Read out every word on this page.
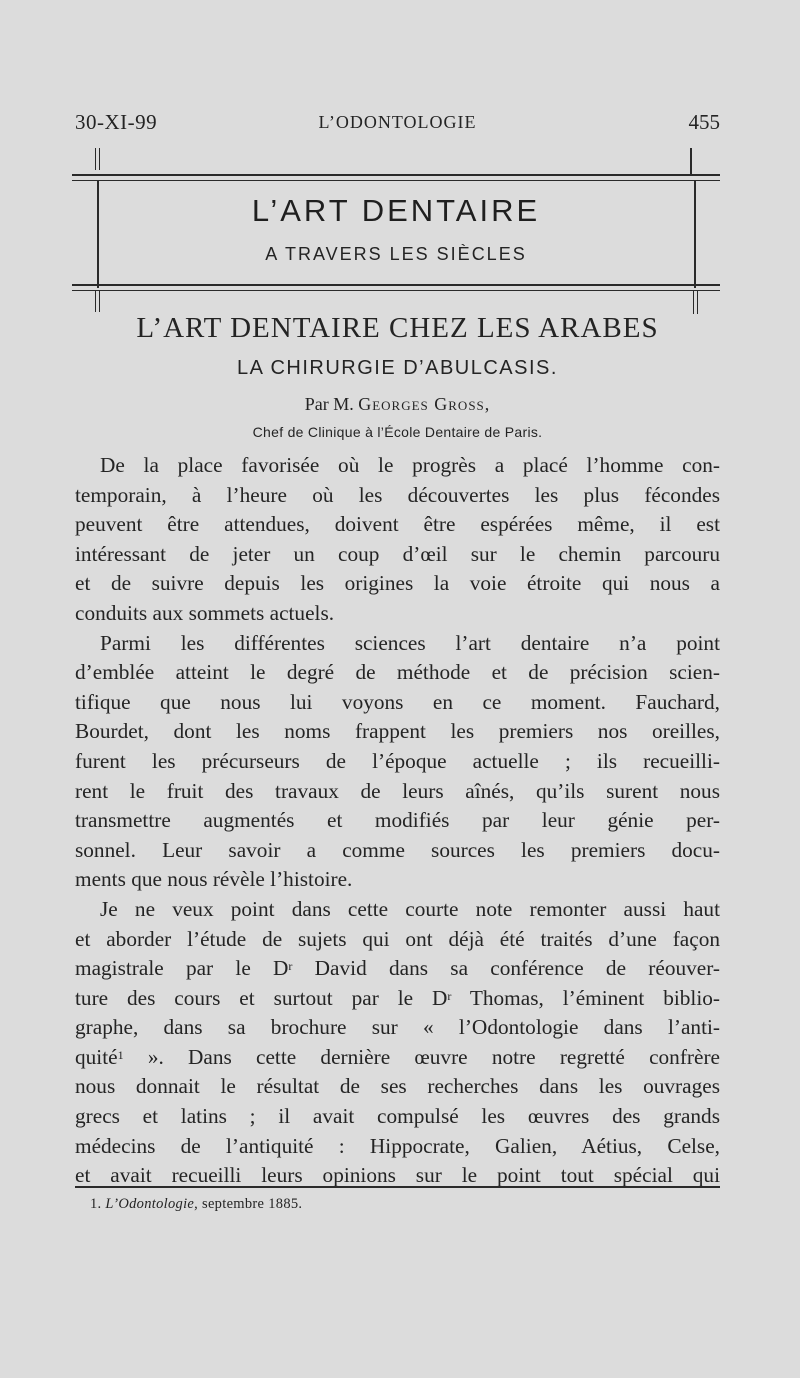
30-XI-99	L’ODONTOLOGIE	455
L’ART DENTAIRE
A TRAVERS LES SIÈCLES
L’ART DENTAIRE CHEZ LES ARABES
LA CHIRURGIE D’ABULCASIS.
Par M. Georges Gross,
Chef de Clinique à l’École Dentaire de Paris.
De la place favorisée où le progrès a placé l’homme con-
temporain, à l’heure où les découvertes les plus fécondes
peuvent être attendues, doivent être espérées même, il est
intéressant de jeter un coup d’œil sur le chemin parcouru
et de suivre depuis les origines la voie étroite qui nous a
conduits aux sommets actuels.
Parmi les différentes sciences l’art dentaire n’a point
d’emblée atteint le degré de méthode et de précision scien-
tifique que nous lui voyons en ce moment. Fauchard,
Bourdet, dont les noms frappent les premiers nos oreilles,
furent les précurseurs de l’époque actuelle ; ils recueilli-
rent le fruit des travaux de leurs aînés, qu’ils surent nous
transmettre augmentés et modifiés par leur génie per-
sonnel. Leur savoir a comme sources les premiers docu-
ments que nous révèle l’histoire.
Je ne veux point dans cette courte note remonter aussi haut
et aborder l’étude de sujets qui ont déjà été traités d’une façon
magistrale par le $D^r$ David dans sa conférence de réouver-
ture des cours et surtout par le $D^r$ Thomas, l’éminent biblio-
graphe, dans sa brochure sur « l’Odontologie dans l’anti-
quité$^1$ ». Dans cette dernière œuvre notre regretté confrère
nous donnait le résultat de ses recherches dans les ouvrages
grecs et latins ; il avait compulsé les œuvres des grands
médecins de l’antiquité : Hippocrate, Galien, Aétius, Celse,
et avait recueilli leurs opinions sur le point tout spécial qui
1. L’Odontologie, septembre 1885.
